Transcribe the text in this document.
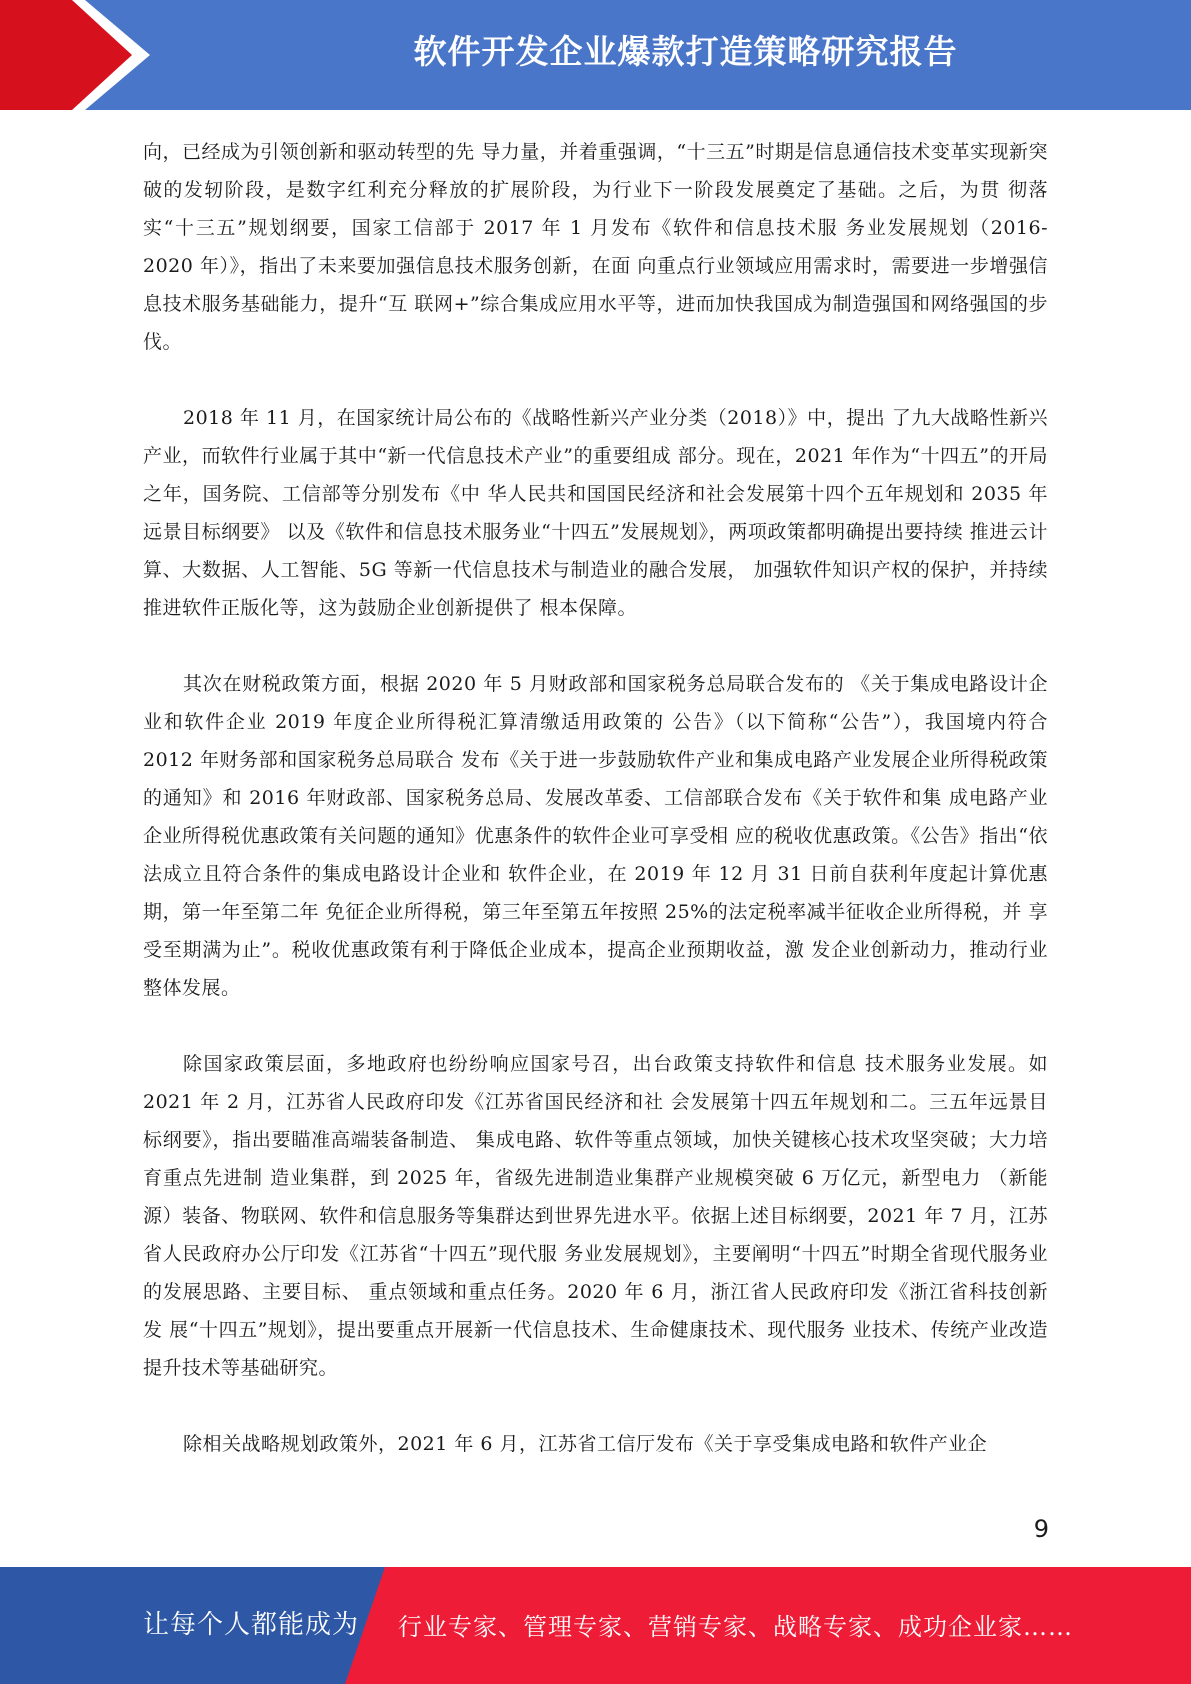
软件开发企业爆款打造策略研究报告

向，已经成为引领创新和驱动转型的先 导力量，并着重强调，“十三五”时期是信息通信技术变革实现新突破的发轫阶段，是数字红利充分释放的扩展阶段，为行业下一阶段发展奠定了基础。之后，为贯 彻落实“十三五”规划纲要，国家工信部于 2017 年 1 月发布《软件和信息技术服 务业发展规划（2016-2020 年）》，指出了未来要加强信息技术服务创新，在面 向重点行业领域应用需求时，需要进一步增强信息技术服务基础能力，提升“互 联网+”综合集成应用水平等，进而加快我国成为制造强国和网络强国的步伐。

2018 年 11 月，在国家统计局公布的《战略性新兴产业分类（2018）》中，提出 了九大战略性新兴产业，而软件行业属于其中“新一代信息技术产业”的重要组成 部分。现在，2021 年作为“十四五”的开局之年，国务院、工信部等分别发布《中 华人民共和国国民经济和社会发展第十四个五年规划和 2035 年远景目标纲要》 以及《软件和信息技术服务业“十四五”发展规划》，两项政策都明确提出要持续 推进云计算、大数据、人工智能、5G 等新一代信息技术与制造业的融合发展， 加强软件知识产权的保护，并持续推进软件正版化等，这为鼓励企业创新提供了 根本保障。

其次在财税政策方面，根据 2020 年 5 月财政部和国家税务总局联合发布的 《关于集成电路设计企业和软件企业 2019 年度企业所得税汇算清缴适用政策的 公告》（以下简称“公告”），我国境内符合 2012 年财务部和国家税务总局联合 发布《关于进一步鼓励软件产业和集成电路产业发展企业所得税政策的通知》和 2016 年财政部、国家税务总局、发展改革委、工信部联合发布《关于软件和集 成电路产业企业所得税优惠政策有关问题的通知》优惠条件的软件企业可享受相 应的税收优惠政策。《公告》指出“依法成立且符合条件的集成电路设计企业和 软件企业，在 2019 年 12 月 31 日前自获利年度起计算优惠期，第一年至第二年 免征企业所得税，第三年至第五年按照 25%的法定税率减半征收企业所得税，并 享受至期满为止”。税收优惠政策有利于降低企业成本，提高企业预期收益，激 发企业创新动力，推动行业整体发展。

除国家政策层面，多地政府也纷纷响应国家号召，出台政策支持软件和信息 技术服务业发展。如 2021 年 2 月，江苏省人民政府印发《江苏省国民经济和社 会发展第十四五年规划和二。三五年远景目标纲要》，指出要瞄准高端装备制造、 集成电路、软件等重点领域，加快关键核心技术攻坚突破；大力培育重点先进制 造业集群，到 2025 年，省级先进制造业集群产业规模突破 6 万亿元，新型电力 （新能源）装备、物联网、软件和信息服务等集群达到世界先进水平。依据上述目标纲要，2021 年 7 月，江苏省人民政府办公厅印发《江苏省“十四五”现代服 务业发展规划》，主要阐明“十四五”时期全省现代服务业的发展思路、主要目标、 重点领域和重点任务。2020 年 6 月，浙江省人民政府印发《浙江省科技创新发 展“十四五”规划》，提出要重点开展新一代信息技术、生命健康技术、现代服务 业技术、传统产业改造提升技术等基础研究。

除相关战略规划政策外，2021 年 6 月，江苏省工信厅发布《关于享受集成电路和软件产业企

9
让每个人都能成为 行业专家、管理专家、营销专家、战略专家、成功企业家……
